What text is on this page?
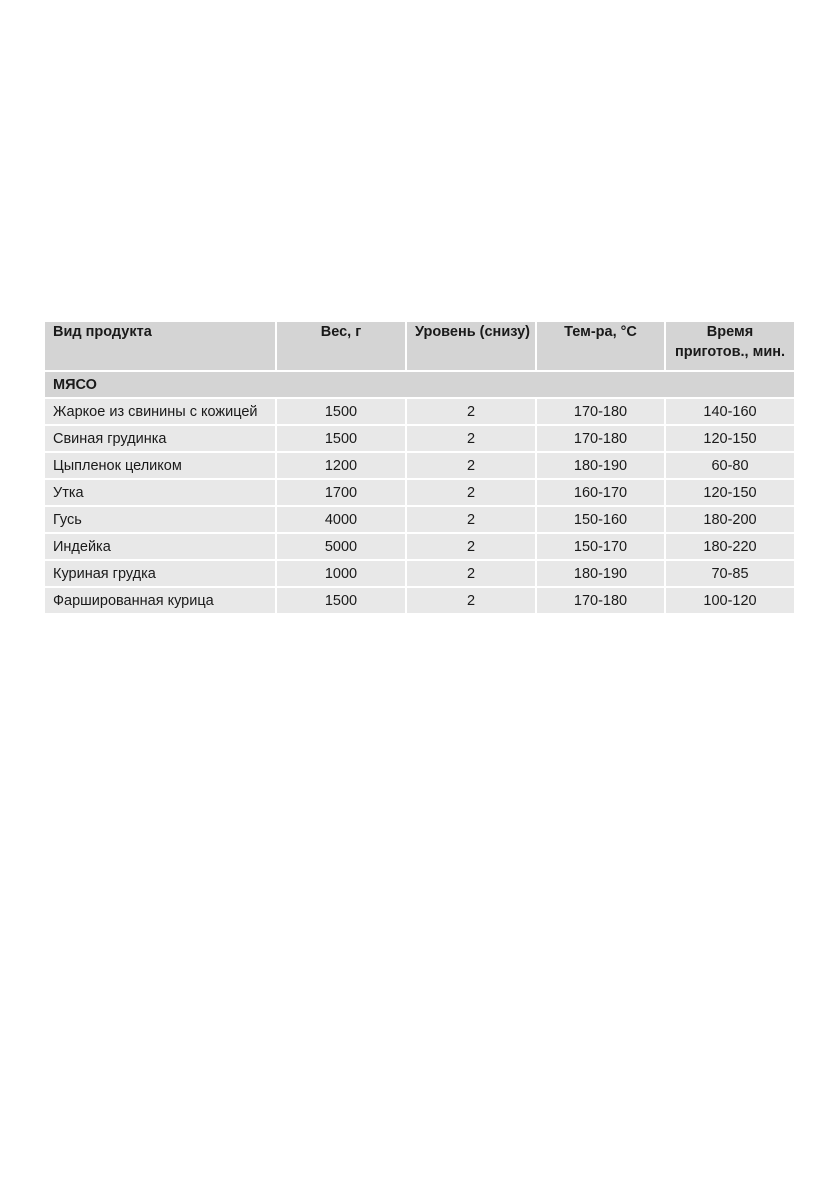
Вид продукта	Вес, г	Уровень (снизу)	Тем-ра, °C	Время
приготов., мин.
МЯСО				
Жаркое из свинины с кожицей	1500	2	170-180	140-160
Свиная грудинка	1500	2	170-180	120-150
Цыпленок целиком	1200	2	180-190	60-80
Утка	1700	2	160-170	120-150
Гусь	4000	2	150-160	180-200
Индейка	5000	2	150-170	180-220
Куриная грудка	1000	2	180-190	70-85
Фаршированная курица	1500	2	170-180	100-120
